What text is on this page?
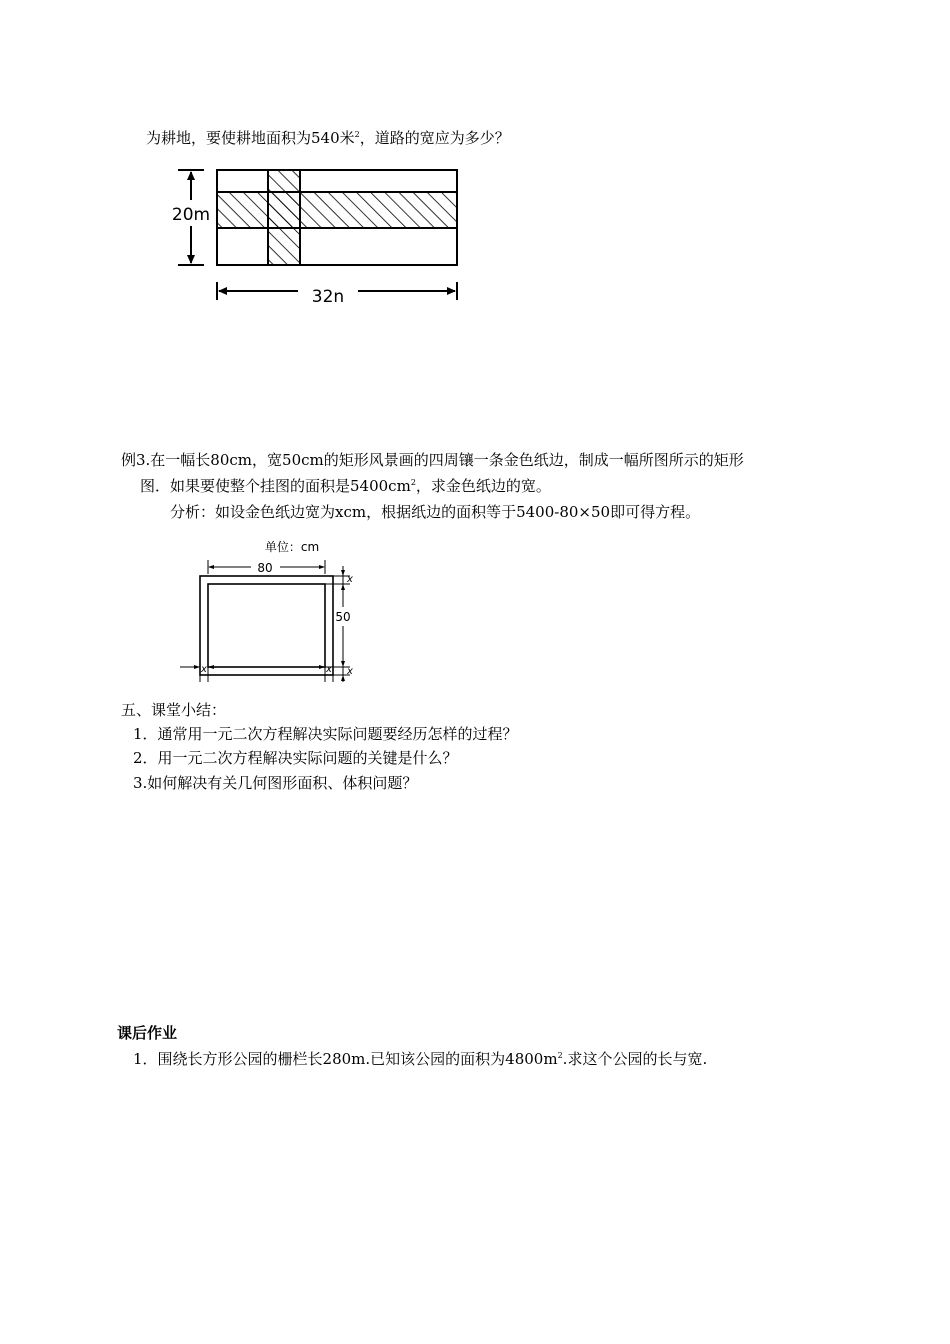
为耕地，要使耕地面积为540米$^2$，道路的宽应为多少？
20m
32n
例3.在一幅长80cm，宽50cm的矩形风景画的四周镶一条金色纸边，制成一幅所图所示的矩形
图．如果要使整个挂图的面积是$5400cm^2$，求金色纸边的宽。
分析：如设金色纸边宽为xcm，根据纸边的面积等于5400-80×50即可得方程。
单位：cm
80
x
50
x
x	x
五、课堂小结：
1．通常用一元二次方程解决实际问题要经历怎样的过程？
2．用一元二次方程解决实际问题的关键是什么？
3.如何解决有关几何图形面积、体积问题？
课后作业
1．围绕长方形公园的栅栏长280m.已知该公园的面积为$4800m^2$.求这个公园的长与宽.
